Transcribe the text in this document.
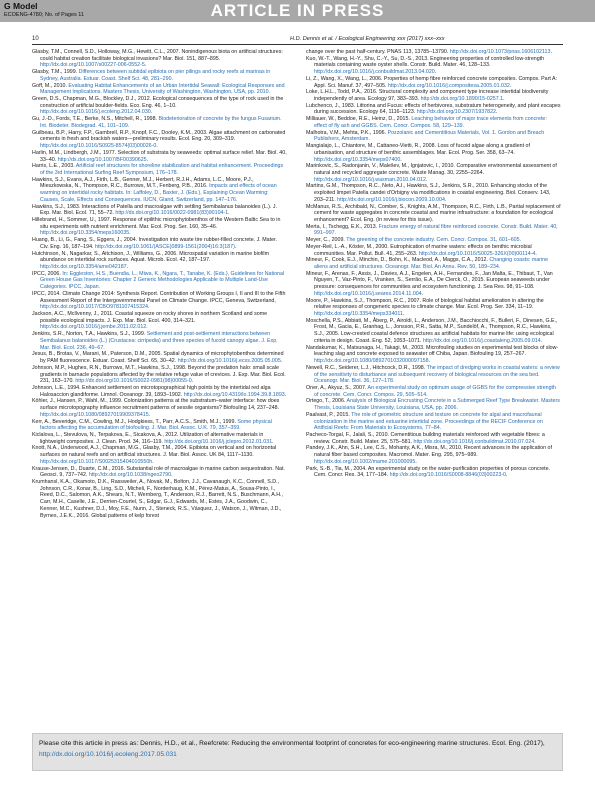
G Model
ECOENG-4780; No. of Pages 11	ARTICLE IN PRESS
10	H.D. Dennis et al. / Ecological Engineering xxx (2017) xxx–xxx
Glasby, T.M., Connell, S.D., Holloway, M.G., Hewitt, C.L., 2007. Nonindigenous biota on artificial structures: could habitat creation facilitate biological invasions? Mar. Biol. 151, 887–895. http://dx.doi.org/10.1007/s00227-006-0552-5.
Glasby, T.M., 1999. Differences between subtidal epibiota on pier pilings and rocky reefs at marinas in Sydney, Australia. Estuar. Coast. Shelf Sci. 48, 281–290.
Goff, M., 2010. Evaluating Habitat Enhancements of an Urban Intertidal Seawall: Ecological Responses and Management Implications. Masters Thesis, University of Washington, Washington, USA, pp. 2010.
Green, D.S., Chapman, M.G., Blockley, D.J., 2012. Ecological consequences of the type of rock used in the construction of artificial boulder-fields. Eco. Eng. 46, 1–10. http://dx.doi.org/10.1016/j.ecoleng.2012.04.030.
Gu, J.-D., Fords, T.E., Berke, N.S., Mitchell, R., 1998. Biodeterioration of concrete by the fungus Fusarium. Int. Biodeter. Biodegrad. 41, 101–109.
Guilbeau, B.P., Harry, F.P., Gambrell, R.P., Knopf, F.C., Dooley, K.M., 2003. Algae attachment on carbonated cements in fresh and brackish waters—preliminary results. Ecol. Eng. 20, 309–319. http://dx.doi.org/10.1016/S0925-8574(03)00026-0.
Harlin, M.M., Lindbergh, J.M., 1977. Selection of substrata by seaweeds: optimal surface relief. Mar. Biol. 40, 33–40. http://dx.doi.org/10.1007/BF00390625.
Harris, L.E., 2003. Artificial reef structures for shoreline stabilization and habitat enhancement. Proceedings of the 3rd International Surfing Reef Symposium, 176–178.
Hawkins, S.J., Evans, A.J., Firth, L.B., Genner, M.J., Herbert, R.J.H., Adams, L.C., Moore, P.J., Mieszkowska, N., Thompson, R.C., Burrows, M.T., Fenberg, P.B., 2016. Impacts and effects of ocean warming on intertidal rocky habitats. In: Laffoley, D., Baxter, J. (Eds.), Explaining Ocean Warming: Causes, Scale, Effects and Consequences. IUCN, Gland, Switzerland, pp. 147–176.
Hawkins, S.J., 1983. Interactions of Patella and macroalgae with settling Semibalanus balanoides (L.). J. Exp. Mar. Biol. Ecol. 71, 55–72. http://dx.doi.org/10.1016/0022-0981(83)90104-1.
Hillebrand, H., Sommer, U., 1997. Response of epilithic microphytobenthos of the Western Baltic Sea to in situ experiments with nutrient enrichment. Mar. Ecol. Prog. Ser. 160, 35–46. http://dx.doi.org/10.3354/meps160035.
Huang, B., Li, G., Fang, S., Eggers, J., 2004. Investigation into waste tire rubber-filled concrete. J. Mater. Civ. Eng. 16, 187–194. http://dx.doi.org/10.1061/(ASCE)0899-1561(2004)16:3(187).
Hutchinson, N., Nagarkar, S., Aitchison, J., Williams, G., 2006. Microspatial variation in marine biofilm abundance on intertidal rock surfaces. Aquat. Microb. Ecol. 42, 187–197. http://dx.doi.org/10.3354/ame042187.
IPCC, 2006. In: Eggleston, H.S., Buendia, L., Miwa, K., Ngara, T., Tanabe, K. (Eds.), Guidelines for National Green House Gas Inventories: Chapter 2 Generic Methodologies Applicable to Multiple Land-Use Categories. IPCC, Japan.
IPCC, 2014. Climate Change 2014: Synthesis Report. Contribution of Working Groups I, II and III to the Fifth Assessment Report of the Intergovernmental Panel on Climate Change. IPCC, Geneva, Switzerland, http://dx.doi.org/10.1017/CBO9781107415324.
Jackson, A.C., McIlvenny, J., 2011. Coastal squeeze on rocky shores in northern Scotland and some possible ecological impacts. J. Exp. Mar. Biol. Ecol. 400, 314–321. http://dx.doi.org/10.1016/j.jembe.2011.02.012.
Jenkins, S.R., Norton, T.A., Hawkins, S.J., 1999. Settlement and post-settlement interactions between Semibalanus balanoides (L.) (Crustacea: cirripedia) and three species of fucoid canopy algae. J. Exp. Mar. Biol. Ecol. 236, 49–67.
Jesus, B., Brotas, V., Marani, M., Paterson, D.M., 2005. Spatial dynamics of microphytobenthos determined by PAM fluorescence. Estuar. Coast. Shelf Sci. 65, 30–42. http://dx.doi.org/10.1016/j.ecss.2005.05.005.
Johnson, M.P., Hughes, R.N., Burrows, M.T., Hawkins, S.J., 1998. Beyond the predation halo: small scale gradients in barnacle populations affected by the relative refuge value of crevices. J. Exp. Mar. Biol. Ecol. 231, 163–170. http://dx.doi.org/10.1016/S0022-0981(98)00055-0.
Johnson, L.E., 1994. Enhanced settlement on microtopographical high points by the intertidal red alga Halosaccion glandiforme. Limnol. Oceanogr. 39, 1893–1902. http://dx.doi.org/10.4319/lo.1994.39.8.1893.
Köhler, J., Hansen, P., Wahl, M., 1999. Colonization patterns at the substratum–water interface: how does surface microtopography influence recruitment patterns of sessile organisms? Biofouling 14, 237–248. http://dx.doi.org/10.1080/08927019909378415.
Kerr, A., Beveridge, C.M., Cowling, M.J., Hodgkiess, T., Parr, A.C.S., Smith, M.J., 1999. Some physical factors affecting the accumulation of biofouling. J. Mar. Biol. Assoc. U.K. 79, 357–359.
Kiclalova, L., Stevulova, N., Terpakova, E., Sicakova, A., 2012. Utilization of alternative materials in lightweight composites. J. Clean. Prod. 34, 116–119. http://dx.doi.org/10.1016/j.jclepro.2012.01.031.
Knott, N.A., Underwood, A.J., Chapman, M.G., Glasby, T.M., 2004. Epibiota on vertical and on horizontal surfaces on natural reefs and on artificial structures. J. Mar. Biol. Assoc. UK 84, 1117–1130. http://dx.doi.org/10.1017/S0025315404010550h.
Krause-Jensen, D., Duarte, C.M., 2016. Substantial role of macroalgae in marine carbon sequestration. Nat. Geosci. 9, 737–742. http://dx.doi.org/10.1038/ngeo2790.
Krumhansl, K.A., Okamoto, D.K., Rassweiler, A., Novak, M., Bolton, J.J., Cavanaugh, K.C., Connell, S.D., Johnson, C.R., Konar, B., Ling, S.D., Micheli, F., Norderhaug, K.M., Pérez-Matus, A., Sousa-Pinto, I., Reed, D.C., Salomon, A.K., Shears, N.T., Wernberg, T., Anderson, R.J., Barrett, N.S., Buschmann, A.H., Carr, M.H., Caselle, J.E., Derrien-Courtel, S., Edgar, G.J., Edwards, M., Estes, J.A., Goodwin, C., Kenner, M.C., Kushner, D.J., Moy, F.E., Nunn, J., Steneck, R.S., Vásquez, J., Watson, J., Witman, J.D., Byrnes, J.E.K., 2016. Global patterns of kelp forest
change over the past half-century. PNAS 113, 13785–13790. http://dx.doi.org/10.1073/pnas.1606102113.
Kuo, W.-T., Wang, H.-Y., Shu, C.-Y., Su, D.-S., 2013. Engineering properties of controlled low-strength materials containing waste oyster shells. Constr. Build. Mater. 46, 128–133. http://dx.doi.org/10.1016/j.conbuildmat.2013.04.020.
Li, Z., Wang, X., Wang, L., 2006. Properties of hemp fibre reinforced concrete composites. Compos. Part A: Appl. Sci. Manuf. 37, 497–505. http://dx.doi.org/10.1016/j.compositesa.2005.01.032.
Loke, L.H.L., Todd, P.A., 2016. Structural complexity and component type increase intertidal biodiversity independently of area. Ecology 97, 383–393. http://dx.doi.org/10.1890/15-0257.1.
Lubchenco, J., 1983. Littorina and Fucus: effects of herbivores, substratum heterogeneity, and plant escapes during succession. Ecology 64, 1116–1123. http://dx.doi.org/10.2307/1937822.
Milliauer, W., Beddoe, R.E., Heinz, D., 2015. Leaching behavior of major trace elements from concrete: effect of fly ash and GGBS. Cem. Concr. Compos. 58, 129–139.
Malhotra, V.M., Mehta, P.K., 1996. Pozzolanic and Cementitious Materials, Vol. 1. Gordon and Breach Publishers, Amsterdam.
Mangialajo, L., Chiantore, M., Cattaneo-Vietti, R., 2008. Loss of fucoid algae along a gradient of urbanisation, and structure of benthic assemblages. Mar. Ecol. Prog. Ser. 358, 63–74. http://dx.doi.org/10.3354/meps07400.
Marinkovic, S., Radonjanin, V., Malešev, M., Ignjatovic, I., 2010. Comparative environmental assessment of natural and recycled aggregate concrete. Waste Manag. 30, 2255–2264. http://dx.doi.org/10.1016/j.wasman.2010.04.012.
Martins, G.M., Thompson, R.C., Neto, A.I., Hawkins, S.J., Jenkins, S.R., 2010. Enhancing stocks of the exploited limpet Patella candei d'Orbigny via modifications in coastal engineering. Biol. Conserv. 143, 203–211. http://dx.doi.org/10.1016/j.biocon.2009.10.004.
McManus, R.S., Archibald, N., Comber, S., Knights, A.M., Thompson, R.C., Firth, L.B., Partial replacement of cement for waste aggregates in concrete coastal and marine infrastructure: a foundation for ecological enhancement? Ecol. Eng. (in review for this issue).
Merta, I., Tschegg, E.K., 2013. Fracture energy of natural fibre reinforced concrete. Constr. Build. Mater. 40, 991–997.
Meyer, C., 2009. The greening of the concrete industry. Cem. Concr. Compos. 31, 601–605.
Meyer-Reil, L.-A., Köster, M., 2000. Eutrophication of marine waters: effects on benthic microbial communities. Mar. Pollut. Bull. 41, 255–263. http://dx.doi.org/10.1016/S0025-326X(00)00114-4.
Mineur, F., Cook, E.J., Minchin, D., Bohn, K., Macleod, A., Maggs, C.A., 2012. Changing coasts: marine aliens and artificial structures. Oceanogr. Mar. Biol. An Annu. Rev. 50, 189–234.
Mineur, F., Arenas, F., Assis, J., Davies, A.J., Engelen, A.H., Fernandes, F., Jan Malta, E., Thibaut, T., Van Nguyen, T., Vaz-Pinto, F., Vranken, S., Serrão, E.A., De Clerck, O., 2015. European seaweeds under pressure: consequences for communities and ecosystem functioning. J. Sea Res. 98, 91–108. http://dx.doi.org/10.1016/j.seares.2014.11.004.
Moore, P., Hawkins, S.J., Thompson, R.C., 2007. Role of biological habitat amelioration in altering the relative responses of congeneric species to climate change. Mar. Ecol. Prog. Ser. 334, 11–19. http://dx.doi.org/10.3354/meps334011.
Moschella, P.S., Abbiati, M., Åberg, P., Airoldi, L., Anderson, J.M., Bacchiocchi, F., Bulleri, F., Dinesen, G.E., Frost, M., Gacia, E., Granhag, L., Jonsson, P.R., Satta, M.P., Sundelöf, A., Thompson, R.C., Hawkins, S.J., 2005. Low-crested coastal defence structures as artificial habitats for marine life: using ecological criteria in design. Coast. Eng. 52, 1053–1071. http://dx.doi.org/10.1016/j.coastaleng.2005.09.014.
Nandakumar, K., Matsunaga, H., Takagi, M., 2003. Microfouling studies on experimental test blocks of slow-leaching slag and concrete exposed to seawater off Chiba, Japan. Biofouling 19, 257–267. http://dx.doi.org/10.1080/0892701032000097158.
Newell, R.C., Seiderer, L.J., Hitchcock, D.R., 1998. The impact of dredging works in coastal waters: a review of the sensitivity to disturbance and subsequent recovery of biological resources on the sea bed. Oceanogr. Mar. Biol. 36, 127–178.
Oner, A., Akyuz, S., 2007. An experimental study on optimum usage of GGBS for the compressive strength of concrete. Cem. Concr. Compos. 29, 505–514.
Ortego, T., 2006. Analysis of Biological Encrusting Concrete in a Submerged Reef Type Breakwater. Masters Thesis, Louisiana State University, Louisiana, USA, pp. 2006.
Paalvast, P., 2015. The role of geometric structure and texture on concrete for algal and macrofaunal colonization in the marine and estuarine intertidal zone. Proceedings of the RECIF Conference on Artificial Reefs: From Materials to Ecosystems, 77–84.
Pacheco-Torgal, F., Jalali, S., 2010. Cementitious building materials reinforced with vegetable fibres: a review. Constr. Build. Mater. 25, 575–581. http://dx.doi.org/10.1016/j.conbuildmat.2010.07.024.
Pandey, J.K., Ahn, S.H., Lee, C.S., Mohanty, A.K., Misra, M., 2010. Recent advances in the application of natural fiber based composites. Macromol. Mater. Eng. 295, 975–989. http://dx.doi.org/10.1002/mame.201000095.
Park, S.-B., Tia, M., 2004. An experimental study on the water-purification properties of porous concrete. Cem. Concr. Res. 34, 177–184. http://dx.doi.org/10.1016/S0008-8846(03)00223-0.
Please cite this article in press as: Dennis, H.D., et al., Reefcrete: Reducing the environmental footprint of concretes for eco-engineering marine structures. Ecol. Eng. (2017), http://dx.doi.org/10.1016/j.ecoleng.2017.05.031
